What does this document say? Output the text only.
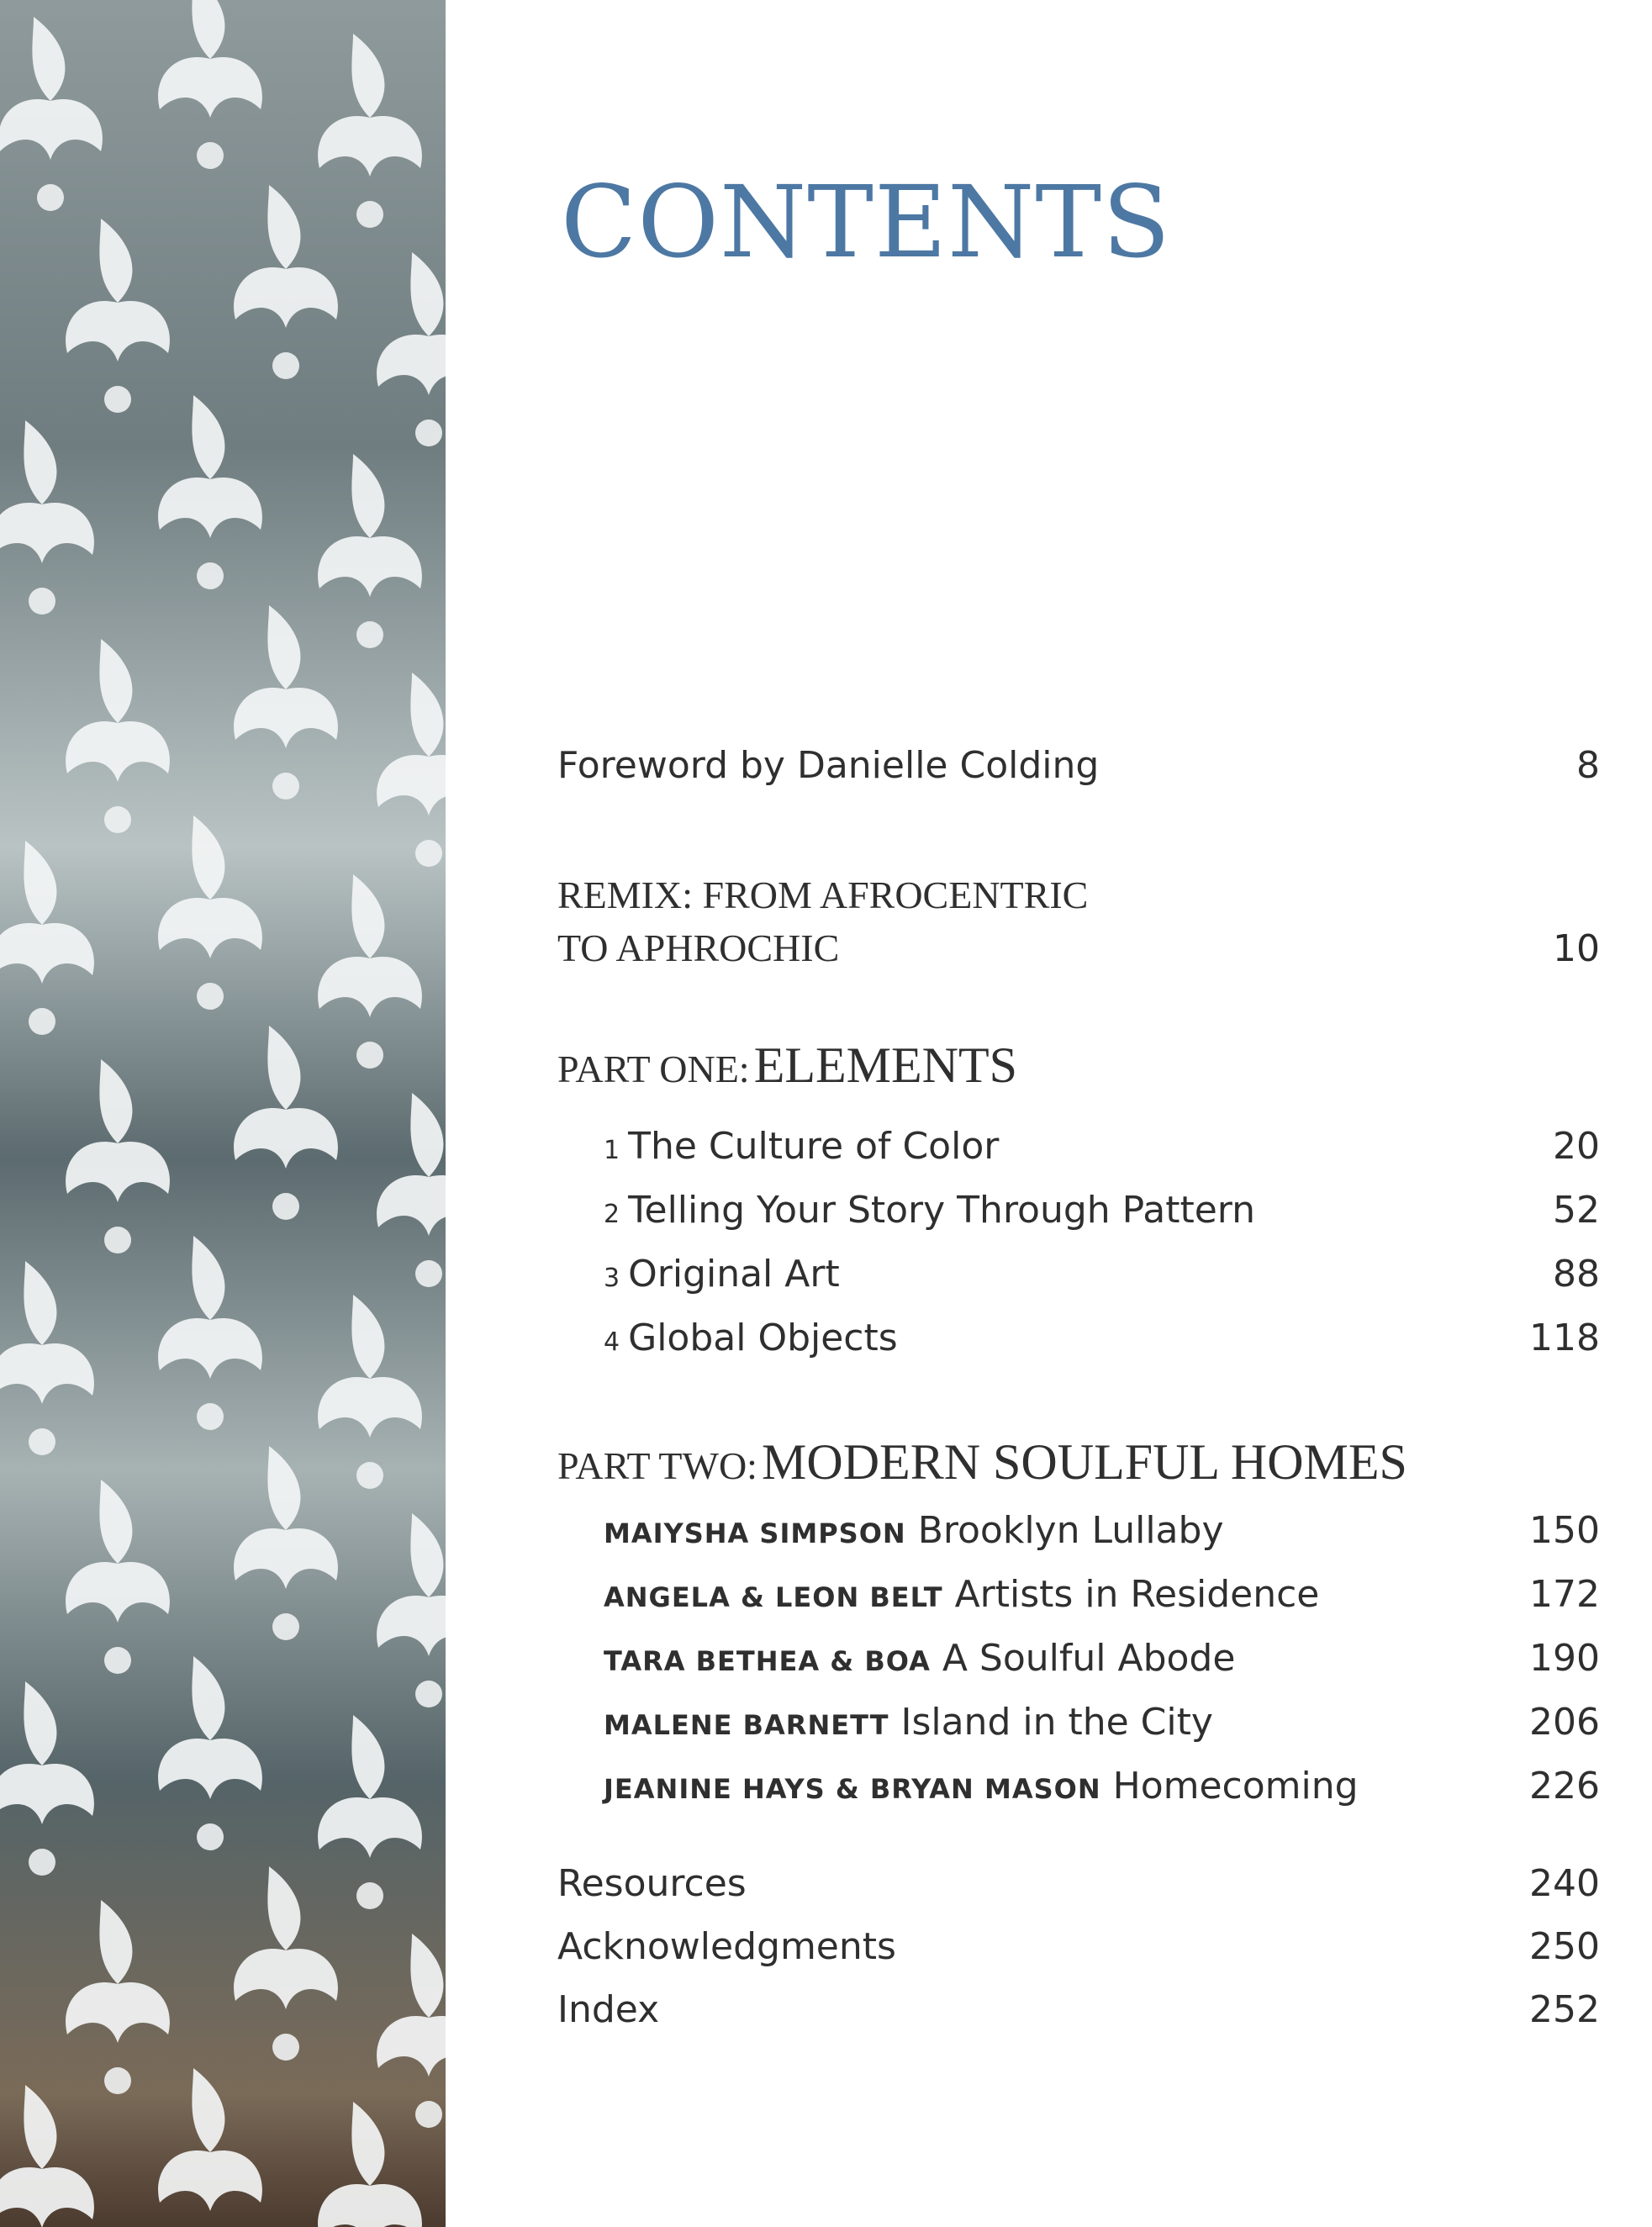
CONTENTS
Foreword by Danielle Colding	8
REMIX: FROM AFROCENTRIC
TO APHROCHIC	10
PART ONE: ELEMENTS
1 The Culture of Color	20
2 Telling Your Story Through Pattern	52
3 Original Art	88
4 Global Objects	118
PART TWO: MODERN SOULFUL HOMES
MAIYSHA SIMPSON Brooklyn Lullaby	150
ANGELA & LEON BELT Artists in Residence	172
TARA BETHEA & BOA A Soulful Abode	190
MALENE BARNETT Island in the City	206
JEANINE HAYS & BRYAN MASON Homecoming	226
Resources	240
Acknowledgments	250
Index	252
